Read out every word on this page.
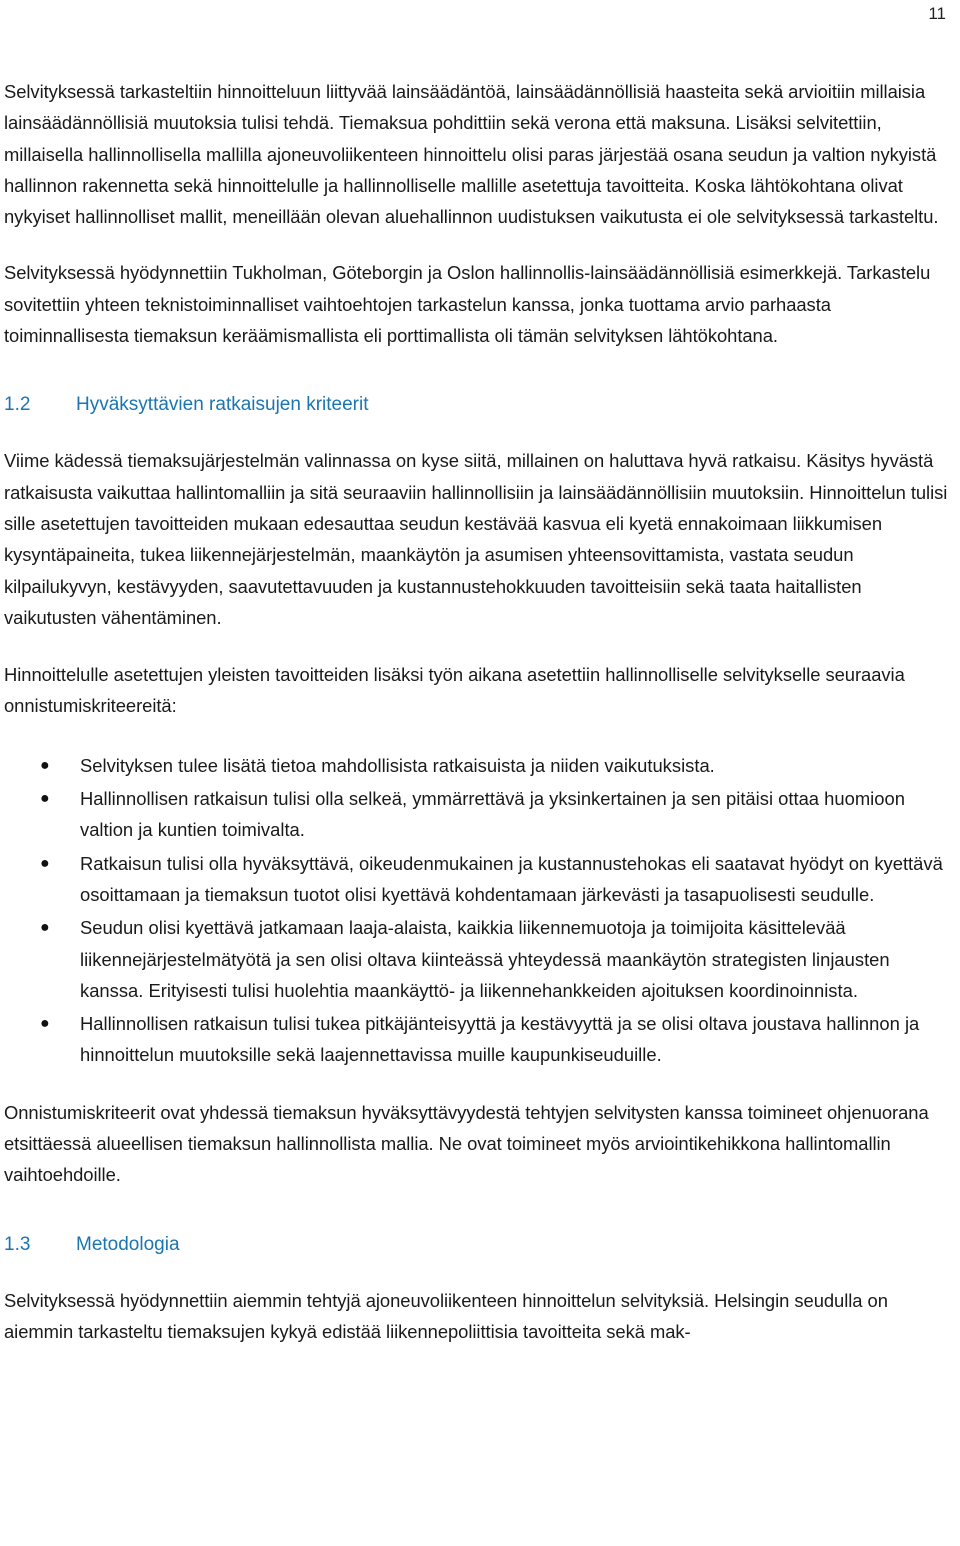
11

Selvityksessä tarkasteltiin hinnoitteluun liittyvää lainsäädäntöä, lainsäädännöllisiä haasteita sekä arvioitiin millaisia lainsäädännöllisiä muutoksia tulisi tehdä. Tiemaksua pohdittiin sekä verona että maksuna. Lisäksi selvitettiin, millaisella hallinnollisella mallilla ajoneuvoliikenteen hinnoittelu olisi paras järjestää osana seudun ja valtion nykyistä hallinnon rakennetta sekä hinnoittelulle ja hallinnolliselle mallille asetettuja tavoitteita. Koska lähtökohtana olivat nykyiset hallinnolliset mallit, meneillään olevan aluehallinnon uudistuksen vaikutusta ei ole selvityksessä tarkasteltu.

Selvityksessä hyödynnettiin Tukholman, Göteborgin ja Oslon hallinnollis-lainsäädännöllisiä esimerkkejä. Tarkastelu sovitettiin yhteen teknistoiminnalliset vaihtoehtojen tarkastelun kanssa, jonka tuottama arvio parhaasta toiminnallisesta tiemaksun keräämismallista eli porttimallista oli tämän selvityksen lähtökohtana.

1.2	Hyväksyttävien ratkaisujen kriteerit

Viime kädessä tiemaksujärjestelmän valinnassa on kyse siitä, millainen on haluttava hyvä ratkaisu. Käsitys hyvästä ratkaisusta vaikuttaa hallintomalliin ja sitä seuraaviin hallinnollisiin ja lainsäädännöllisiin muutoksiin. Hinnoittelun tulisi sille asetettujen tavoitteiden mukaan edesauttaa seudun kestävää kasvua eli kyetä ennakoimaan liikkumisen kysyntäpaineita, tukea liikennejärjestelmän, maankäytön ja asumisen yhteensovittamista, vastata seudun kilpailukyvyn, kestävyyden, saavutettavuuden ja kustannustehokkuuden tavoitteisiin sekä taata haitallisten vaikutusten vähentäminen.

Hinnoittelulle asetettujen yleisten tavoitteiden lisäksi työn aikana asetettiin hallinnolliselle selvitykselle seuraavia onnistumiskriteereitä:

● Selvityksen tulee lisätä tietoa mahdollisista ratkaisuista ja niiden vaikutuksista.
● Hallinnollisen ratkaisun tulisi olla selkeä, ymmärrettävä ja yksinkertainen ja sen pitäisi ottaa huomioon valtion ja kuntien toimivalta.
● Ratkaisun tulisi olla hyväksyttävä, oikeudenmukainen ja kustannustehokas eli saatavat hyödyt on kyettävä osoittamaan ja tiemaksun tuotot olisi kyettävä kohdentamaan järkevästi ja tasapuolisesti seudulle.
● Seudun olisi kyettävä jatkamaan laaja-alaista, kaikkia liikennemuotoja ja toimijoita käsittelevää liikennejärjestelmätyötä ja sen olisi oltava kiinteässä yhteydessä maankäytön strategisten linjausten kanssa. Erityisesti tulisi huolehtia maankäyttö- ja liikennehankkeiden ajoituksen koordinoinnista.
● Hallinnollisen ratkaisun tulisi tukea pitkäjänteisyyttä ja kestävyyttä ja se olisi oltava joustava hallinnon ja hinnoittelun muutoksille sekä laajennettavissa muille kaupunkiseuduille.

Onnistumiskriteerit ovat yhdessä tiemaksun hyväksyttävyydestä tehtyjen selvitysten kanssa toimineet ohjenuorana etsittäessä alueellisen tiemaksun hallinnollista mallia. Ne ovat toimineet myös arviointikehikkona hallintomallin vaihtoehdoille.

1.3	Metodologia

Selvityksessä hyödynnettiin aiemmin tehtyjä ajoneuvoliikenteen hinnoittelun selvityksiä. Helsingin seudulla on aiemmin tarkasteltu tiemaksujen kykyä edistää liikennepoliittisia tavoitteita sekä mak-
